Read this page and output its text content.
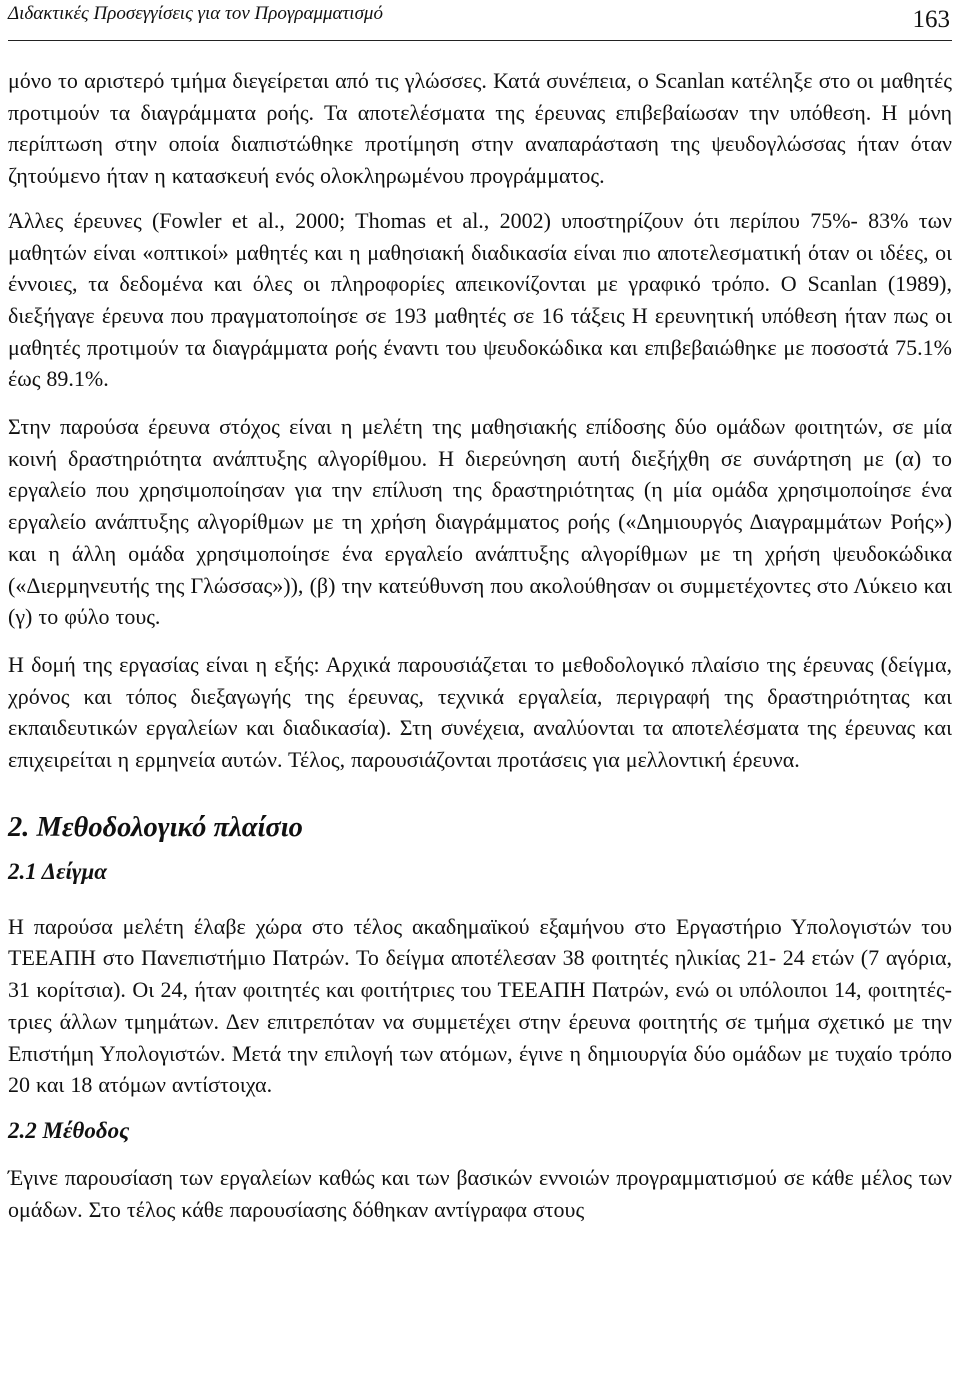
Διδακτικές Προσεγγίσεις για τον Προγραμματισμό	163

μόνο το αριστερό τμήμα διεγείρεται από τις γλώσσες. Κατά συνέπεια, ο Scanlan κατέληξε στο οι μαθητές προτιμούν τα διαγράμματα ροής. Τα αποτελέσματα της έρευνας επιβεβαίωσαν την υπόθεση. Η μόνη περίπτωση στην οποία διαπιστώθηκε προτίμηση στην αναπαράσταση της ψευδογλώσσας ήταν όταν ζητούμενο ήταν η κατασκευή ενός ολοκληρωμένου προγράμματος.

Άλλες έρευνες (Fowler et al., 2000; Thomas et al., 2002) υποστηρίζουν ότι περίπου 75%- 83% των μαθητών είναι «οπτικοί» μαθητές και η μαθησιακή διαδικασία είναι πιο αποτελεσματική όταν οι ιδέες, οι έννοιες, τα δεδομένα και όλες οι πληροφορίες απεικονίζονται με γραφικό τρόπο. Ο Scanlan (1989), διεξήγαγε έρευνα που πραγματοποίησε σε 193 μαθητές σε 16 τάξεις Η ερευνητική υπόθεση ήταν πως οι μαθητές προτιμούν τα διαγράμματα ροής έναντι του ψευδοκώδικα και επιβεβαιώθηκε με ποσοστά 75.1% έως 89.1%.

Στην παρούσα έρευνα στόχος είναι η μελέτη της μαθησιακής επίδοσης δύο ομάδων φοιτητών, σε μία κοινή δραστηριότητα ανάπτυξης αλγορίθμου. Η διερεύνηση αυτή διεξήχθη σε συνάρτηση με (α) το εργαλείο που χρησιμοποίησαν για την επίλυση της δραστηριότητας (η μία ομάδα χρησιμοποίησε ένα εργαλείο ανάπτυξης αλγορίθμων με τη χρήση διαγράμματος ροής («Δημιουργός Διαγραμμάτων Ροής») και η άλλη ομάδα χρησιμοποίησε ένα εργαλείο ανάπτυξης αλγορίθμων με τη χρήση ψευδοκώδικα («Διερμηνευτής της Γλώσσας»)), (β) την κατεύθυνση που ακολούθησαν οι συμμετέχοντες στο Λύκειο και (γ) το φύλο τους.

Η δομή της εργασίας είναι η εξής: Αρχικά παρουσιάζεται το μεθοδολογικό πλαίσιο της έρευνας (δείγμα, χρόνος και τόπος διεξαγωγής της έρευνας, τεχνικά εργαλεία, περιγραφή της δραστηριότητας και εκπαιδευτικών εργαλείων και διαδικασία). Στη συνέχεια, αναλύονται τα αποτελέσματα της έρευνας και επιχειρείται η ερμηνεία αυτών. Τέλος, παρουσιάζονται προτάσεις για μελλοντική έρευνα.

2. Μεθοδολογικό πλαίσιο
2.1 Δείγμα

Η παρούσα μελέτη έλαβε χώρα στο τέλος ακαδημαϊκού εξαμήνου στο Εργαστήριο Υπολογιστών του ΤΕΕΑΠΗ στο Πανεπιστήμιο Πατρών. Το δείγμα αποτέλεσαν 38 φοιτητές ηλικίας 21- 24 ετών (7 αγόρια, 31 κορίτσια). Οι 24, ήταν φοιτητές και φοιτήτριες του ΤΕΕΑΠΗ Πατρών, ενώ οι υπόλοιποι 14, φοιτητές- τριες άλλων τμημάτων. Δεν επιτρεπόταν να συμμετέχει στην έρευνα φοιτητής σε τμήμα σχετικό με την Επιστήμη Υπολογιστών. Μετά την επιλογή των ατόμων, έγινε η δημιουργία δύο ομάδων με τυχαίο τρόπο 20 και 18 ατόμων αντίστοιχα.

2.2 Μέθοδος

Έγινε παρουσίαση των εργαλείων καθώς και των βασικών εννοιών προγραμματισμού σε κάθε μέλος των ομάδων. Στο τέλος κάθε παρουσίασης δόθηκαν αντίγραφα στους
